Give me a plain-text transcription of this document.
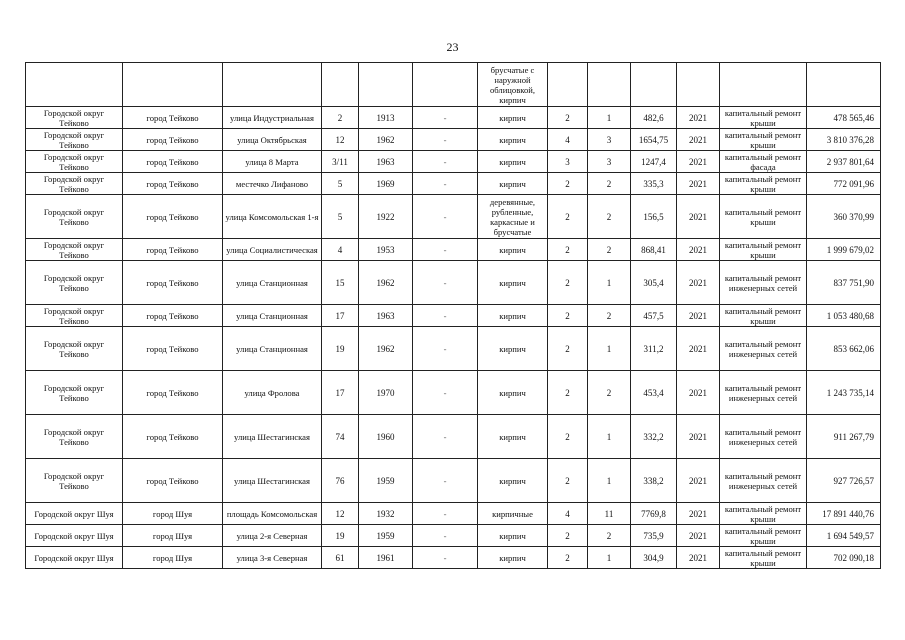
23
						брусчатые с наружной облицовкой, кирпич						
Городской округ Тейково	город Тейково	улица Индустриальная	2	1913	-	кирпич	2	1	482,6	2021	капитальный ремонт крыши	478 565,46
Городской округ Тейково	город Тейково	улица Октябрьская	12	1962	-	кирпич	4	3	1654,75	2021	капитальный ремонт крыши	3 810 376,28
Городской округ Тейково	город Тейково	улица 8 Марта	3/11	1963	-	кирпич	3	3	1247,4	2021	капитальный ремонт фасада	2 937 801,64
Городской округ Тейково	город Тейково	местечко Лифаново	5	1969	-	кирпич	2	2	335,3	2021	капитальный ремонт крыши	772 091,96
Городской округ Тейково	город Тейково	улица Комсомольская 1-я	5	1922	-	деревянные, рубленные, каркасные и брусчатые	2	2	156,5	2021	капитальный ремонт крыши	360 370,99
Городской округ Тейково	город Тейково	улица Социалистическая	4	1953	-	кирпич	2	2	868,41	2021	капитальный ремонт крыши	1 999 679,02
Городской округ Тейково	город Тейково	улица Станционная	15	1962	-	кирпич	2	1	305,4	2021	капитальный ремонт инженерных сетей	837 751,90
Городской округ Тейково	город Тейково	улица Станционная	17	1963	-	кирпич	2	2	457,5	2021	капитальный ремонт крыши	1 053 480,68
Городской округ Тейково	город Тейково	улица Станционная	19	1962	-	кирпич	2	1	311,2	2021	капитальный ремонт инженерных сетей	853 662,06
Городской округ Тейково	город Тейково	улица Фролова	17	1970	-	кирпич	2	2	453,4	2021	капитальный ремонт инженерных сетей	1 243 735,14
Городской округ Тейково	город Тейково	улица Шестагинская	74	1960	-	кирпич	2	1	332,2	2021	капитальный ремонт инженерных сетей	911 267,79
Городской округ Тейково	город Тейково	улица Шестагинская	76	1959	-	кирпич	2	1	338,2	2021	капитальный ремонт инженерных сетей	927 726,57
Городской округ Шуя	город Шуя	площадь Комсомольская	12	1932	-	кирпичные	4	11	7769,8	2021	капитальный ремонт крыши	17 891 440,76
Городской округ Шуя	город Шуя	улица 2-я Северная	19	1959	-	кирпич	2	2	735,9	2021	капитальный ремонт крыши	1 694 549,57
Городской округ Шуя	город Шуя	улица 3-я Северная	61	1961	-	кирпич	2	1	304,9	2021	капитальный ремонт крыши	702 090,18
